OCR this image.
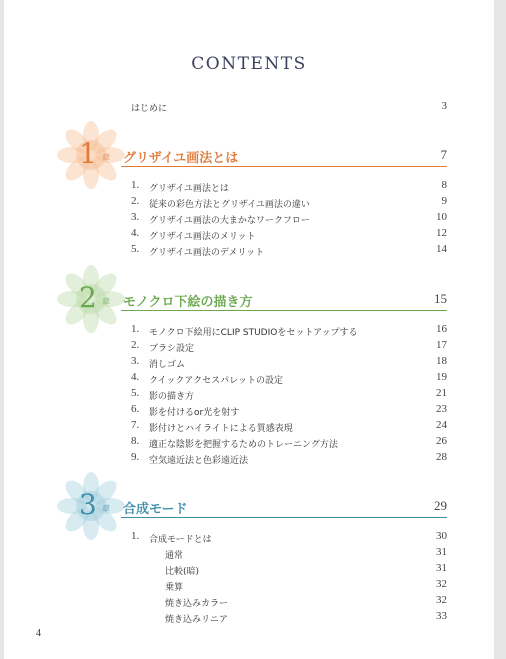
CONTENTS
はじめに	3
1 章 グリザイユ画法とは	7
1. グリザイユ画法とは	8
2. 従来の彩色方法とグリザイユ画法の違い	9
3. グリザイユ画法の大まかなワークフロー	10
4. グリザイユ画法のメリット	12
5. グリザイユ画法のデメリット	14
2 章 モノクロ下絵の描き方	15
1. モノクロ下絵用にCLIP STUDIOをセットアップする	16
2. ブラシ設定	17
3. 消しゴム	18
4. クイックアクセスパレットの設定	19
5. 影の描き方	21
6. 影を付けるor光を射す	23
7. 影付けとハイライトによる質感表現	24
8. 適正な陰影を把握するためのトレーニング方法	26
9. 空気遠近法と色彩遠近法	28
3 章 合成モード	29
1. 合成モードとは	30
通常	31
比較(暗)	31
乗算	32
焼き込みカラー	32
焼き込みリニア	33
4
